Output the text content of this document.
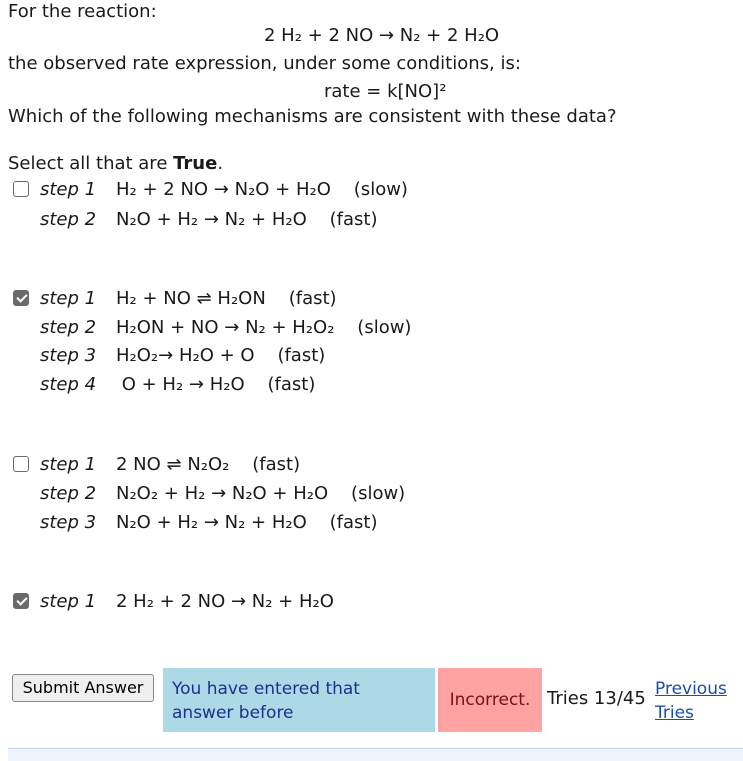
For the reaction:
2 H₂ + 2 NO → N₂ + 2 H₂O
the observed rate expression, under some conditions, is:
rate = k[NO]²
Which of the following mechanisms are consistent with these data?
Select all that are True.
step 1 H₂ + 2 NO → N₂O + H₂O    (slow)
step 2 N₂O + H₂ → N₂ + H₂O    (fast)
step 1 H₂ + NO ⇌ H₂ON    (fast)
step 2 H₂ON + NO → N₂ + H₂O₂    (slow)
step 3 H₂O₂→ H₂O + O    (fast)
step 4 O + H₂ → H₂O    (fast)
step 1 2 NO ⇌ N₂O₂    (fast)
step 2 N₂O₂ + H₂ → N₂O + H₂O    (slow)
step 3 N₂O + H₂ → N₂ + H₂O    (fast)
step 1 2 H₂ + 2 NO → N₂ + H₂O
Submit Answer	You have entered that answer before
Incorrect. Tries 13/45 Previous Tries
